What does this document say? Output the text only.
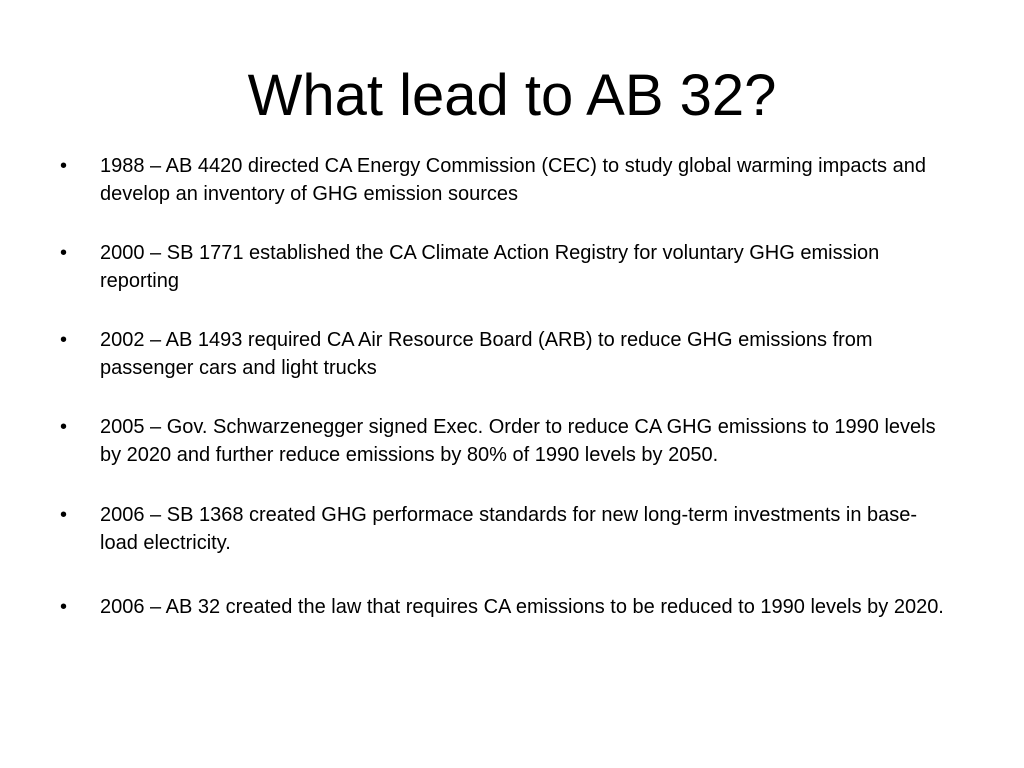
What lead to AB 32?
•	1988 – AB 4420 directed CA Energy Commission (CEC) to study global warming impacts and develop an inventory of GHG emission sources
•	2000 – SB 1771 established the CA Climate Action Registry for voluntary GHG emission reporting
•	2002 – AB 1493 required CA Air Resource Board (ARB) to reduce GHG emissions from passenger cars and light trucks
•	2005 – Gov. Schwarzenegger signed Exec. Order to reduce CA GHG emissions to 1990 levels by 2020 and further reduce emissions by 80% of 1990 levels by 2050.
•	2006 – SB 1368 created GHG performace standards for new long-term investments in base-load electricity.
•	2006 – AB 32 created the law that requires CA emissions to be reduced to 1990 levels by 2020.
